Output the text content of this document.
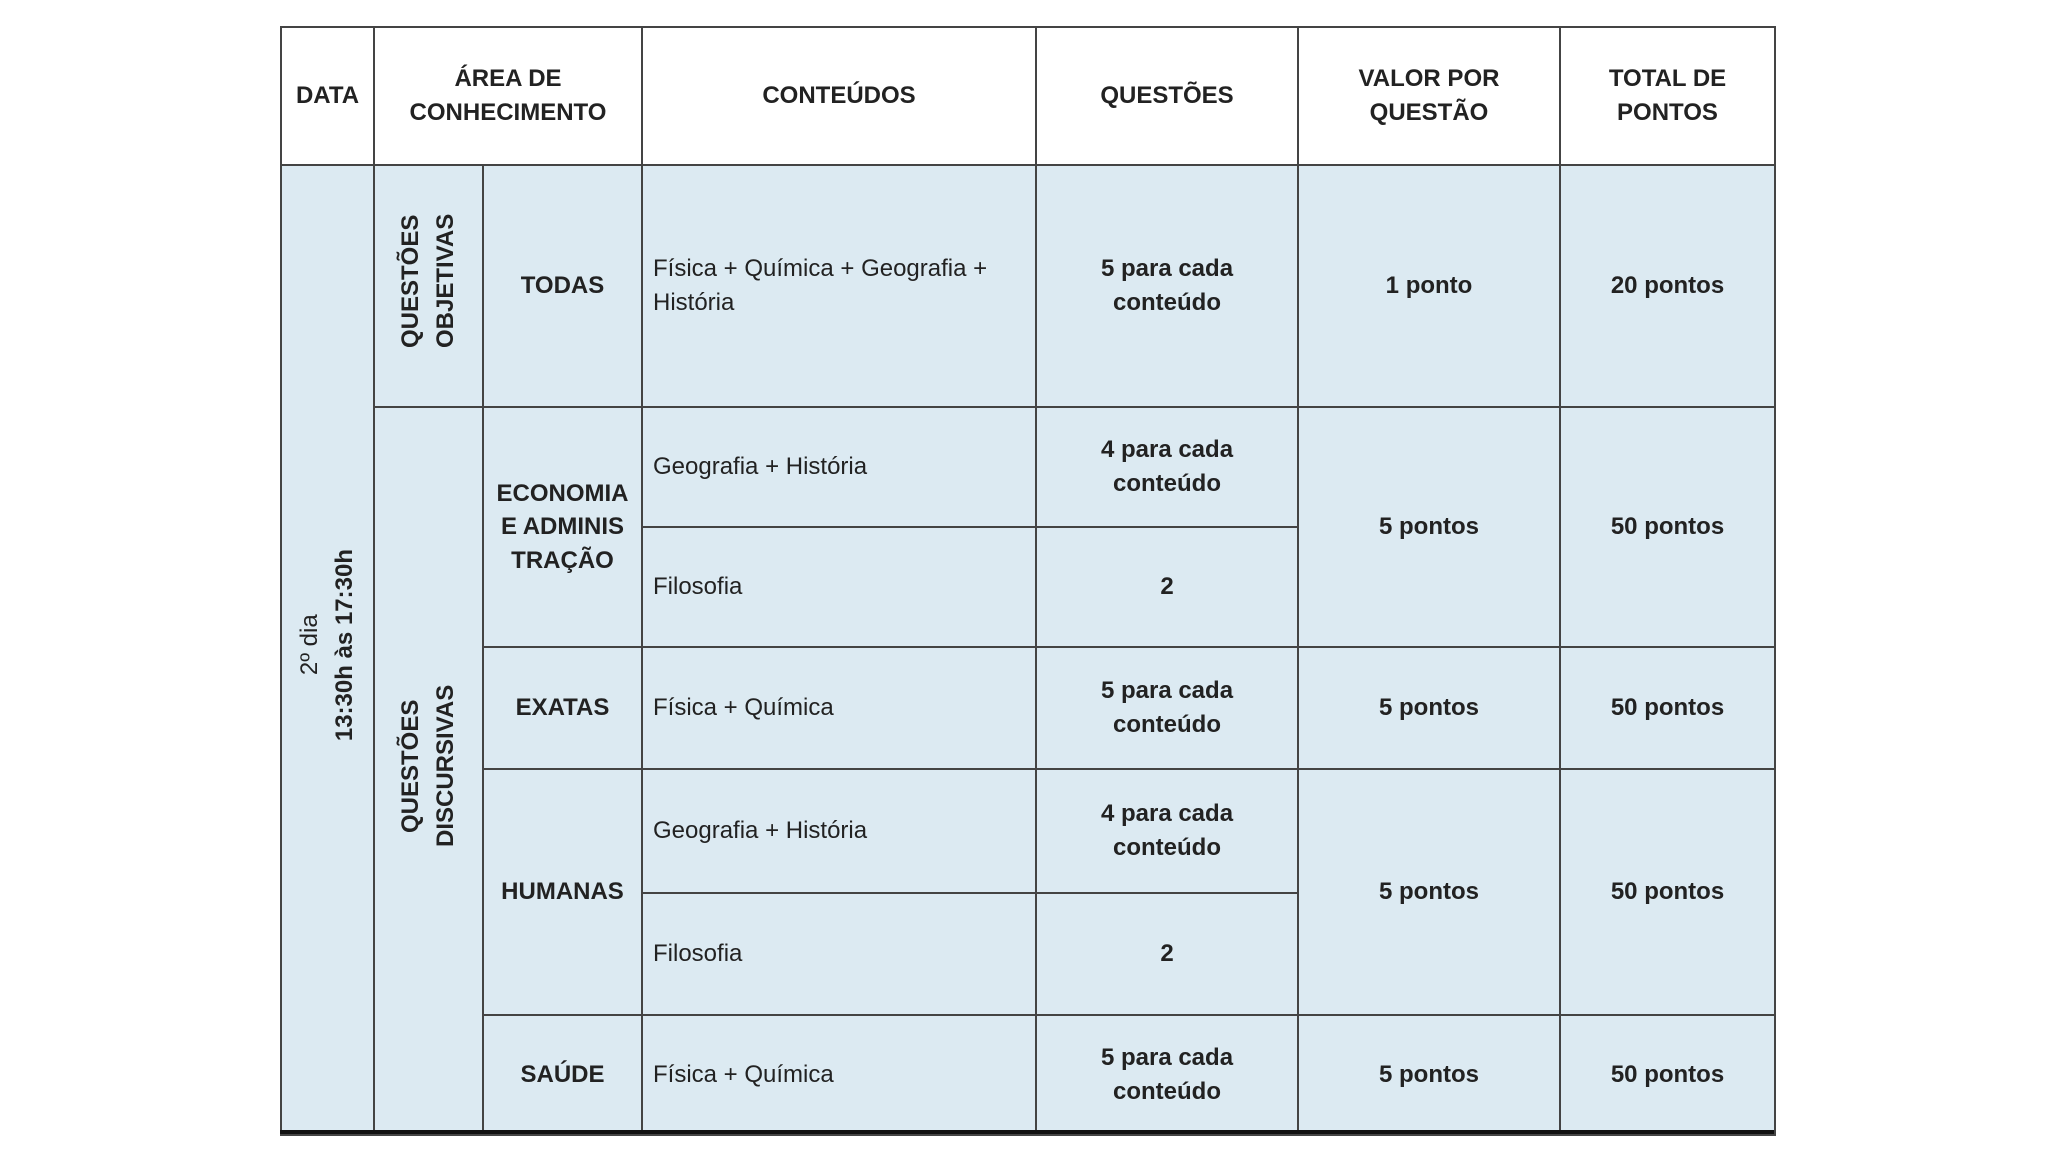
DATA	ÁREA DE CONHECIMENTO		CONTEÚDOS	QUESTÕES	VALOR POR QUESTÃO	TOTAL DE PONTOS

2º dia 13:30h às 17:30h	QUESTÕES OBJETIVAS	TODAS	Física + Química + Geografia + História	5 para cada conteúdo	1 ponto	20 pontos

	QUESTÕES DISCURSIVAS	ECONOMIA E ADMINISTRAÇÃO	Geografia + História	4 para cada conteúdo	5 pontos	50 pontos
			Filosofia	2		
		EXATAS	Física + Química	5 para cada conteúdo	5 pontos	50 pontos
		HUMANAS	Geografia + História	4 para cada conteúdo	5 pontos	50 pontos
			Filosofia	2		
		SAÚDE	Física + Química	5 para cada conteúdo	5 pontos	50 pontos
